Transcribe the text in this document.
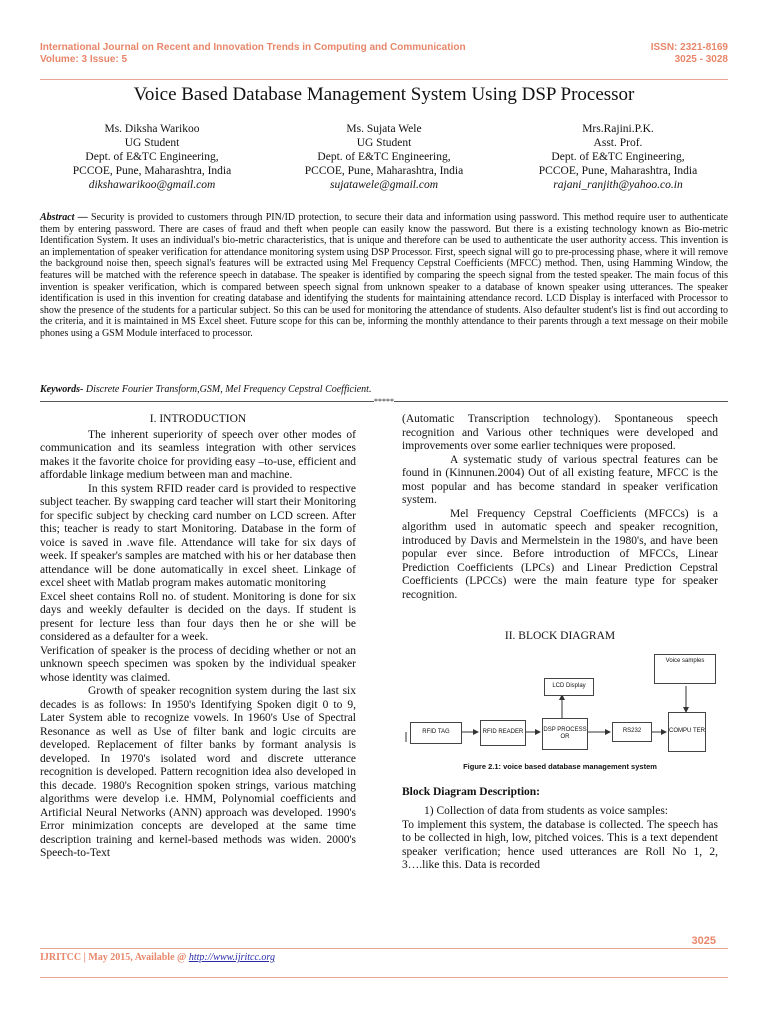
International Journal on Recent and Innovation Trends in Computing and Communication
Volume: 3 Issue: 5
ISSN: 2321-8169
3025 - 3028
Voice Based Database Management System Using DSP Processor
Ms. Diksha Warikoo
UG Student
Dept. of E&TC Engineering,
PCCOE, Pune, Maharashtra, India
dikshawarikoo@gmail.com
Ms. Sujata Wele
UG Student
Dept. of E&TC Engineering,
PCCOE, Pune, Maharashtra, India
sujatawele@gmail.com
Mrs.Rajini.P.K.
Asst. Prof.
Dept. of E&TC Engineering,
PCCOE, Pune, Maharashtra, India
rajani_ranjith@yahoo.co.in
Abstract — Security is provided to customers through PIN/ID protection, to secure their data and information using password. This method require user to authenticate them by entering password. There are cases of fraud and theft when people can easily know the password. But there is a existing technology known as Bio-metric Identification System. It uses an individual's bio-metric characteristics, that is unique and therefore can be used to authenticate the user authority access. This invention is an implementation of speaker verification for attendance monitoring system using DSP Processor. First, speech signal will go to pre-processing phase, where it will remove the background noise then, speech signal's features will be extracted using Mel Frequency Cepstral Coefficients (MFCC) method. Then, using Hamming Window, the features will be matched with the reference speech in database. The speaker is identified by comparing the speech signal from the tested speaker. The main focus of this invention is speaker verification, which is compared between speech signal from unknown speaker to a database of known speaker using utterances. The speaker identification is used in this invention for creating database and identifying the students for maintaining attendance record. LCD Display is interfaced with Processor to show the presence of the students for a particular subject. So this can be used for monitoring the attendance of students. Also defaulter student's list is find out according to the criteria, and it is maintained in MS Excel sheet. Future scope for this can be, informing the monthly attendance to their parents through a text message on their mobile phones using a GSM Module interfaced to processor.
Keywords- Discrete Fourier Transform,GSM, Mel Frequency Cepstral Coefficient.
*****

I. INTRODUCTION

The inherent superiority of speech over other modes of communication and its seamless integration with other services makes it the favorite choice for providing easy –to-use, efficient and affordable linkage medium between man and machine.

In this system RFID reader card is provided to respective subject teacher. By swapping card teacher will start their Monitoring for specific subject by checking card number on LCD screen. After this; teacher is ready to start Monitoring. Database in the form of voice is saved in .wave file. Attendance will take for six days of week. If speaker's samples are matched with his or her database then attendance will be done automatically in excel sheet. Linkage of excel sheet with Matlab program makes automatic monitoring

Excel sheet contains Roll no. of student. Monitoring is done for six days and weekly defaulter is decided on the days. If student is present for lecture less than four days then he or she will be considered as a defaulter for a week.

Verification of speaker is the process of deciding whether or not an unknown speech specimen was spoken by the individual speaker whose identity was claimed.

Growth of speaker recognition system during the last six decades is as follows: In 1950's Identifying Spoken digit 0 to 9, Later System able to recognize vowels. In 1960's Use of Spectral Resonance as well as Use of filter bank and logic circuits are developed. Replacement of filter banks by formant analysis is developed. In 1970's isolated word and discrete utterance recognition is developed. Pattern recognition idea also developed in this decade. 1980's Recognition spoken strings, various matching algorithms were develop i.e. HMM, Polynomial coefficients and Artificial Neural Networks (ANN) approach was developed. 1990's Error minimization concepts are developed at the same time description training and kernel-based methods was widen. 2000's Speech-to-Text

(Automatic Transcription technology). Spontaneous speech recognition and Various other techniques were developed and improvements over some earlier techniques were proposed.

A systematic study of various spectral features can be found in (Kinnunen.2004) Out of all existing feature, MFCC is the most popular and has become standard in speaker verification system.

Mel Frequency Cepstral Coefficients (MFCCs) is a algorithm used in automatic speech and speaker recognition, introduced by Davis and Mermelstein in the 1980's, and have been popular ever since. Before introduction of MFCCs, Linear Prediction Coefficients (LPCs) and Linear Prediction Cepstral Coefficients (LPCCs) were the main feature type for speaker recognition.

II. BLOCK DIAGRAM

Voice samples
LCD Display
RFID TAG	RFID READER	DSP PROCESS OR
RS232	COMPU TER
Figure 2.1: voice based database management system

Block Diagram Description:

1) Collection of data from students as voice samples:

To implement this system, the database is collected. The speech has to be collected in high, low, pitched voices. This is a text dependent speaker verification; hence used utterances are Roll No 1, 2, 3….like this. Data is recorded

3025
IJRITCC | May 2015, Available @ http://www.ijritcc.org
